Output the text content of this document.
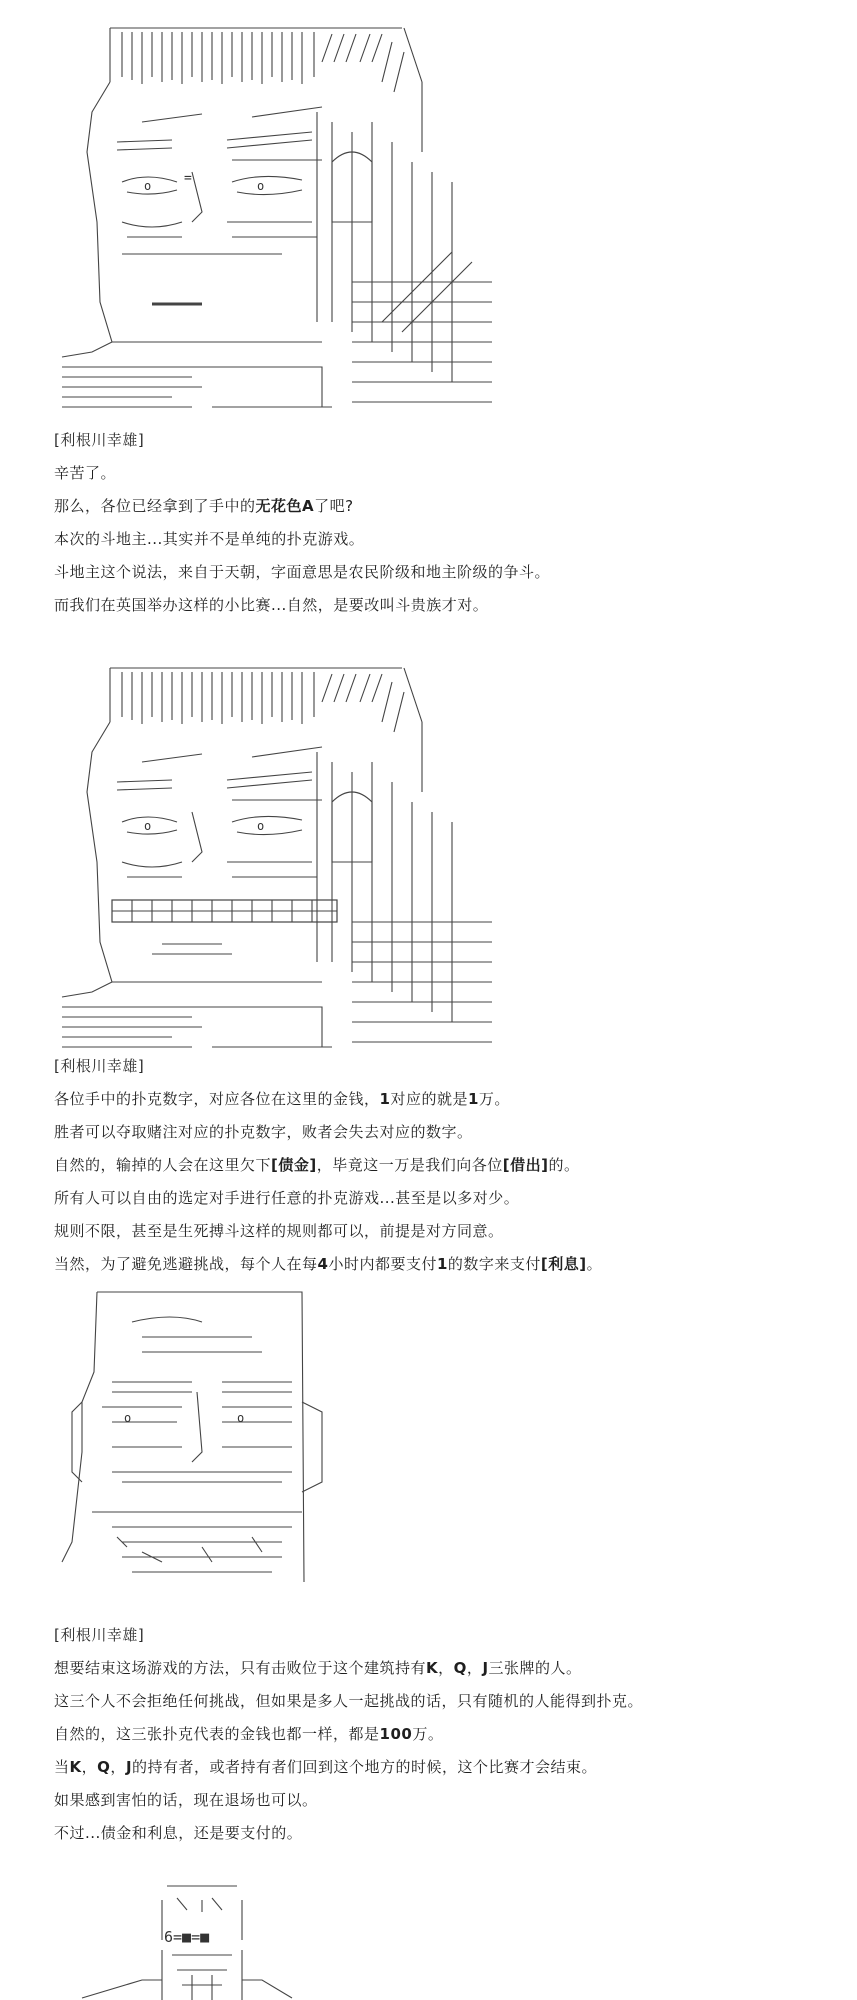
o	o
=
[利根川幸雄]
辛苦了。
那么，各位已经拿到了手中的无花色A了吧?
本次的斗地主...其实并不是单纯的扑克游戏。
斗地主这个说法，来自于天朝，字面意思是农民阶级和地主阶级的争斗。
而我们在英国举办这样的小比赛...自然，是要改叫斗贵族才对。
o	o
[利根川幸雄]
各位手中的扑克数字，对应各位在这里的金钱，1对应的就是1万。
胜者可以夺取赌注对应的扑克数字，败者会失去对应的数字。
自然的，输掉的人会在这里欠下[债金]，毕竟这一万是我们向各位[借出]的。
所有人可以自由的选定对手进行任意的扑克游戏...甚至是以多对少。
规则不限，甚至是生死搏斗这样的规则都可以，前提是对方同意。
当然，为了避免逃避挑战，每个人在每4小时内都要支付1的数字来支付[利息]。
o	o
[利根川幸雄]
想要结束这场游戏的方法，只有击败位于这个建筑持有K，Q，J三张牌的人。
这三个人不会拒绝任何挑战，但如果是多人一起挑战的话，只有随机的人能得到扑克。
自然的，这三张扑克代表的金钱也都一样，都是100万。
当K，Q，J的持有者，或者持有者们回到这个地方的时候，这个比赛才会结束。
如果感到害怕的话，现在退场也可以。
不过...债金和利息，还是要支付的。
6=■=■
